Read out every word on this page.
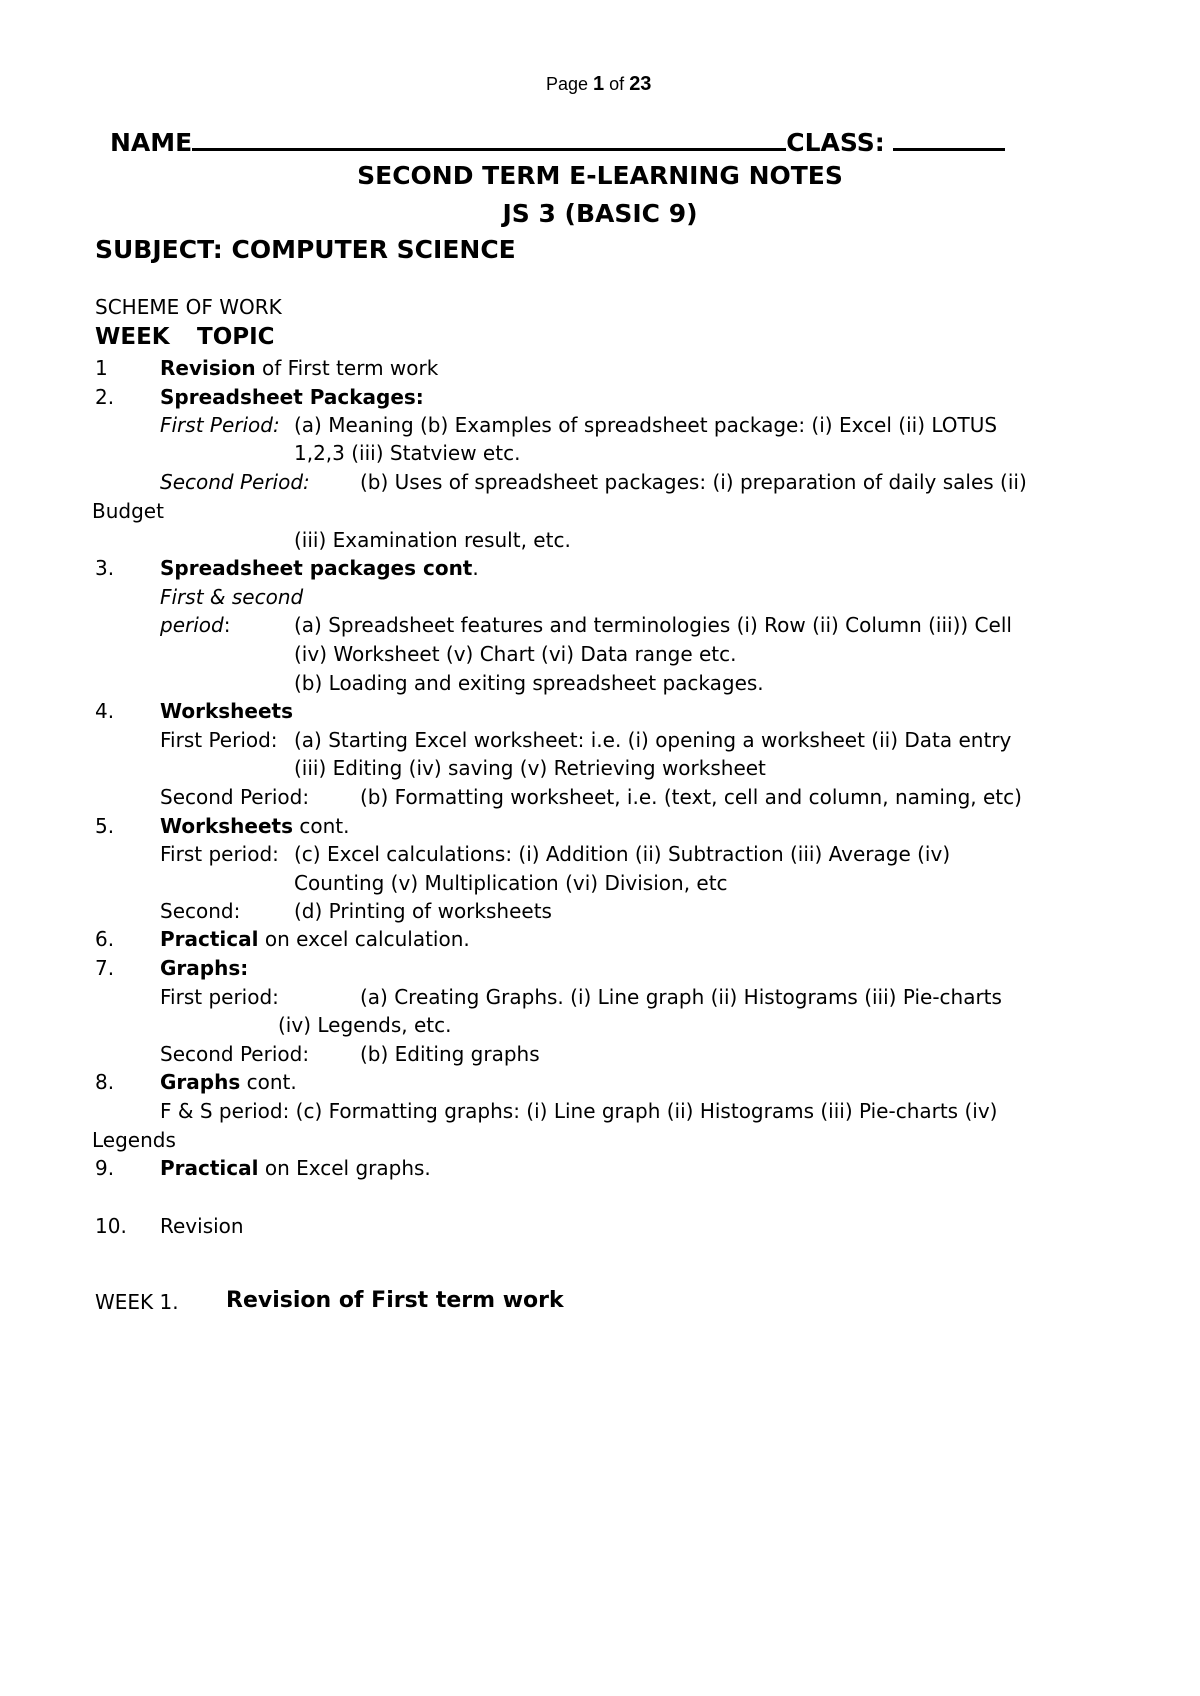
Page 1 of 23
NAME	CLASS:
SECOND TERM E-LEARNING NOTES
JS 3 (BASIC 9)
SUBJECT: COMPUTER SCIENCE
SCHEME OF WORK
WEEK TOPIC
1	Revision of First term work
2. Spreadsheet Packages:
First Period: (a) Meaning (b) Examples of spreadsheet package: (i) Excel (ii) LOTUS
1,2,3 (iii) Statview etc.
Second Period:	(b) Uses of spreadsheet packages: (i) preparation of daily sales (ii)
Budget
(iii) Examination result, etc.
3. Spreadsheet packages cont.
First & second
period:	(a) Spreadsheet features and terminologies (i) Row (ii) Column (iii)) Cell
(iv) Worksheet (v) Chart (vi) Data range etc.
(b) Loading and exiting spreadsheet packages.
4. Worksheets
First Period: (a) Starting Excel worksheet: i.e. (i) opening a worksheet (ii) Data entry
(iii) Editing (iv) saving (v) Retrieving worksheet
Second Period:	(b) Formatting worksheet, i.e. (text, cell and column, naming, etc)
5. Worksheets cont.
First period: (c) Excel calculations: (i) Addition (ii) Subtraction (iii) Average (iv)
Counting (v) Multiplication (vi) Division, etc
Second:	(d) Printing of worksheets
6. Practical on excel calculation.
7. Graphs:
First period:	(a) Creating Graphs. (i) Line graph (ii) Histograms (iii) Pie-charts
(iv) Legends, etc.
Second Period:	(b) Editing graphs
8. Graphs cont.
F & S period: (c) Formatting graphs: (i) Line graph (ii) Histograms (iii) Pie-charts (iv)
Legends
9. Practical on Excel graphs.
10. Revision
WEEK 1. Revision of First term work
